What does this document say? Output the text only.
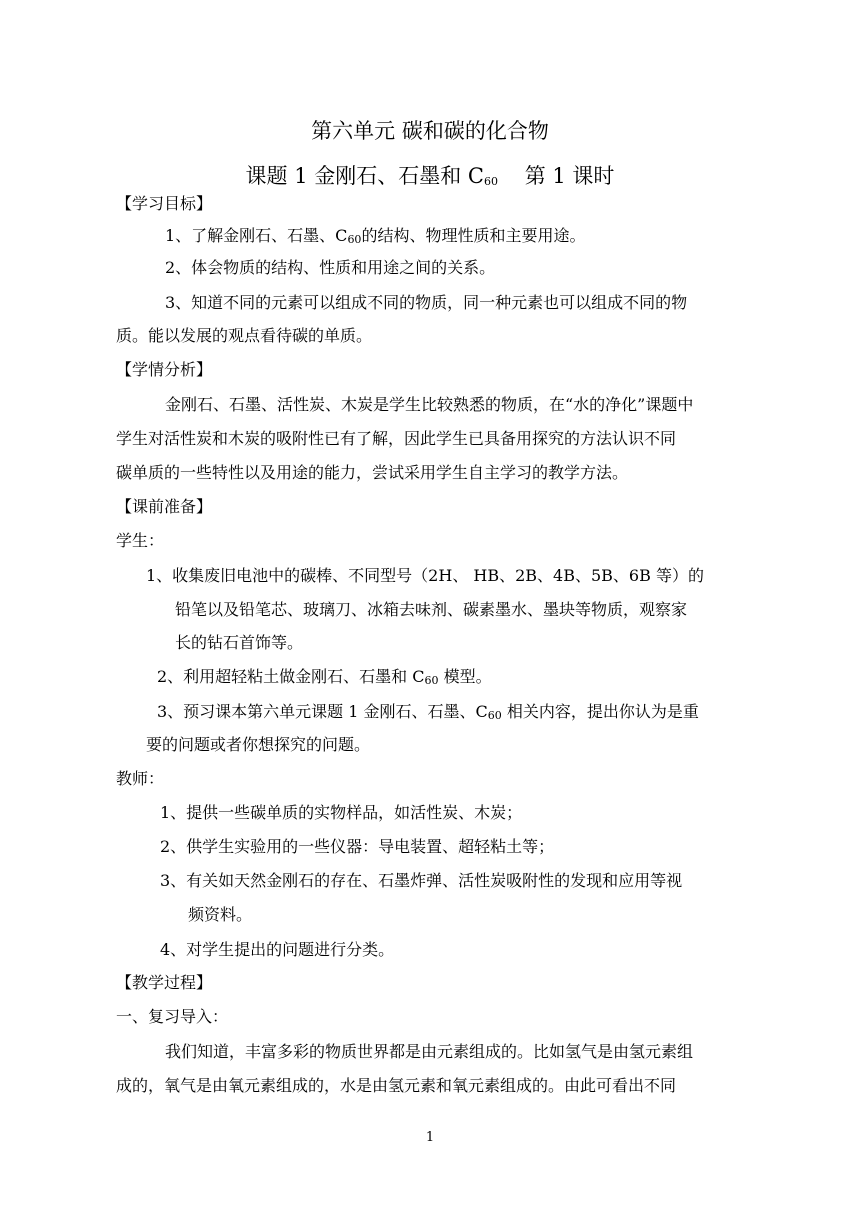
第六单元 碳和碳的化合物
课题 1 金刚石、石墨和 $C_{60}$    第 1 课时
【学习目标】
1、了解金刚石、石墨、$C_{60}$的结构、物理性质和主要用途。
2、体会物质的结构、性质和用途之间的关系。
3、知道不同的元素可以组成不同的物质，同一种元素也可以组成不同的物
质。能以发展的观点看待碳的单质。
【学情分析】
金刚石、石墨、活性炭、木炭是学生比较熟悉的物质，在“水的净化”课题中
学生对活性炭和木炭的吸附性已有了解，因此学生已具备用探究的方法认识不同
碳单质的一些特性以及用途的能力，尝试采用学生自主学习的教学方法。
【课前准备】
学生：
1、收集废旧电池中的碳棒、不同型号（2H、 HB、2B、4B、5B、6B 等）的
铅笔以及铅笔芯、玻璃刀、冰箱去味剂、碳素墨水、墨块等物质，观察家
长的钻石首饰等。
2、利用超轻粘土做金刚石、石墨和 $C_{60}$ 模型。
3、预习课本第六单元课题 1 金刚石、石墨、$C_{60}$ 相关内容，提出你认为是重
要的问题或者你想探究的问题。
教师：
1、提供一些碳单质的实物样品，如活性炭、木炭；
2、供学生实验用的一些仪器：导电装置、超轻粘土等；
3、有关如天然金刚石的存在、石墨炸弹、活性炭吸附性的发现和应用等视
频资料。
4、对学生提出的问题进行分类。
【教学过程】
一、复习导入：
我们知道，丰富多彩的物质世界都是由元素组成的。比如氢气是由氢元素组
成的，氧气是由氧元素组成的，水是由氢元素和氧元素组成的。由此可看出不同
1
